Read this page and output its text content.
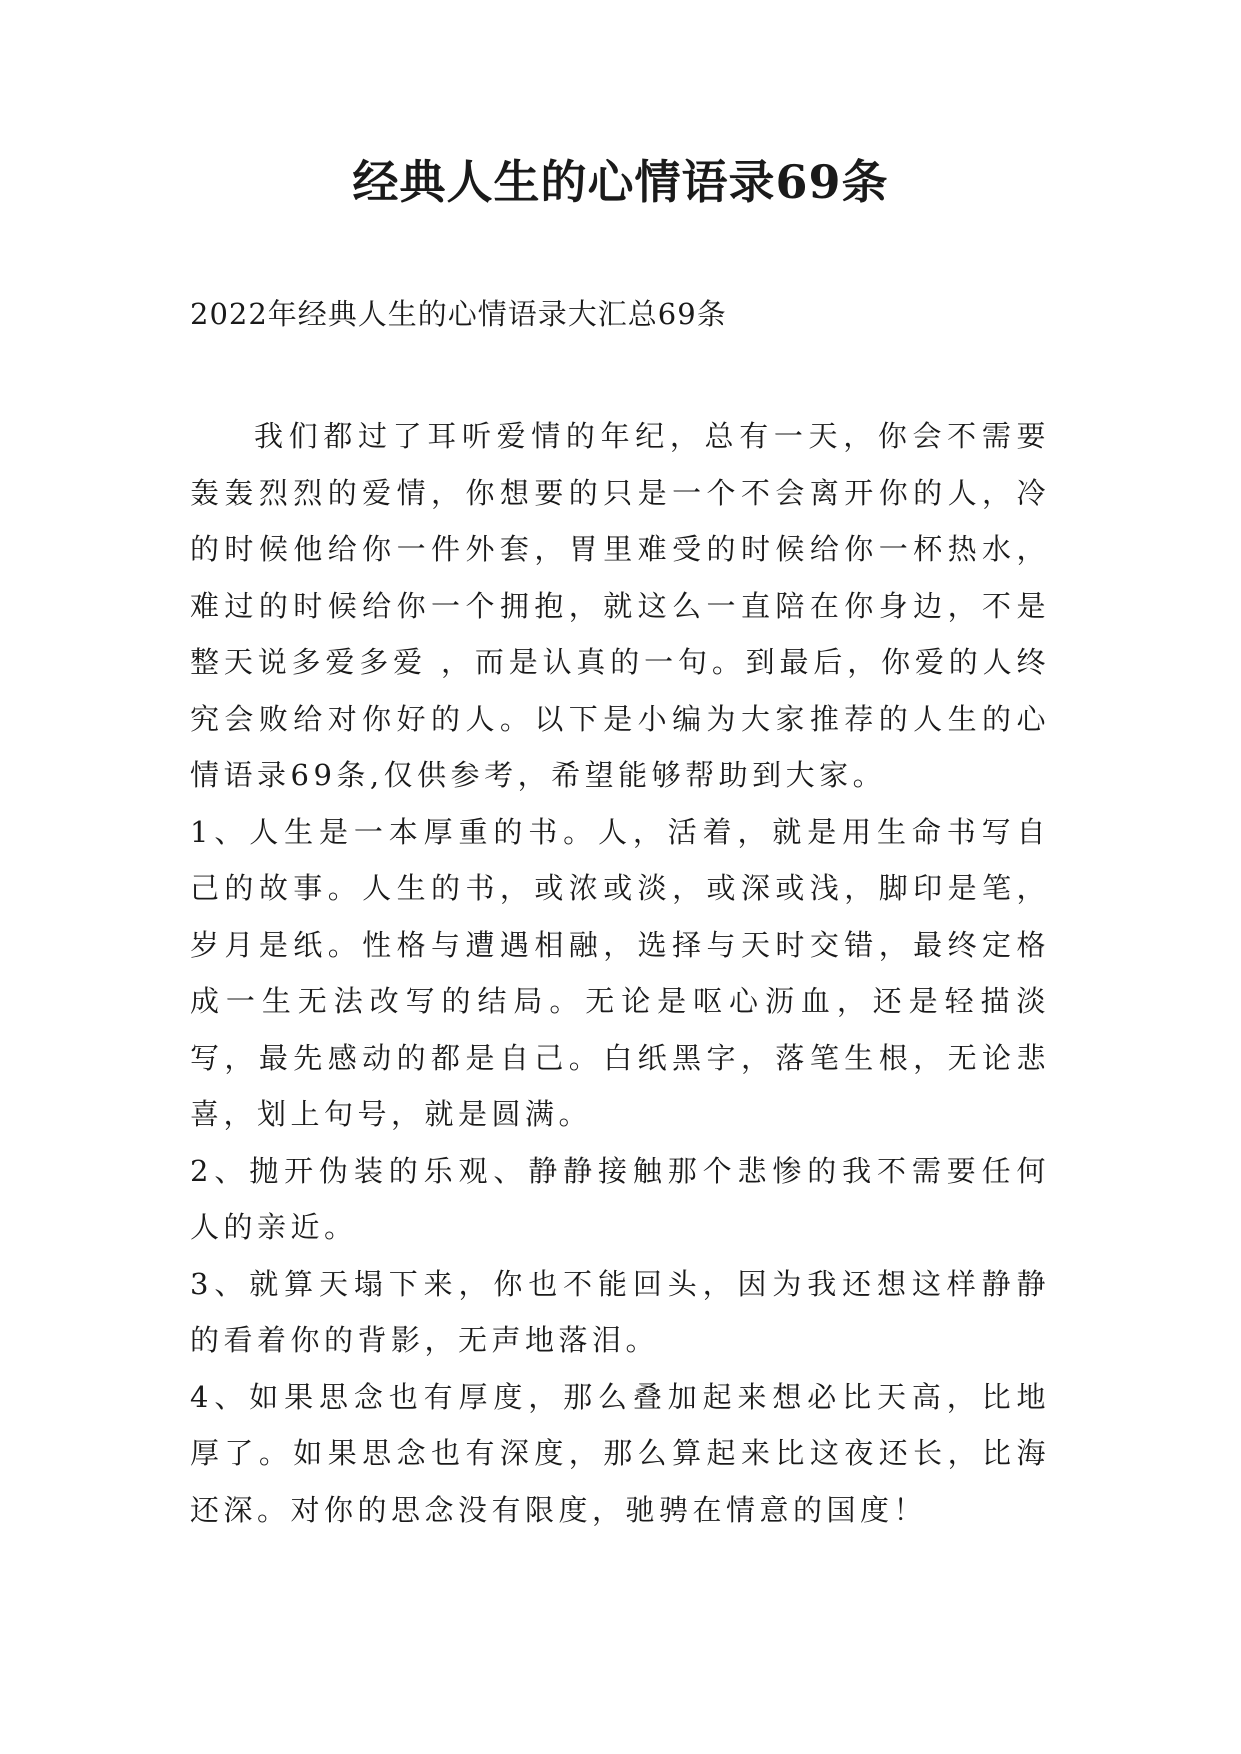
经典人生的心情语录69条

2022年经典人生的心情语录大汇总69条

我们都过了耳听爱情的年纪，总有一天，你会不需要轰轰烈烈的爱情，你想要的只是一个不会离开你的人，冷的时候他给你一件外套，胃里难受的时候给你一杯热水，难过的时候给你一个拥抱，就这么一直陪在你身边，不是整天说多爱多爱 ，而是认真的一句。到最后，你爱的人终究会败给对你好的人。以下是小编为大家推荐的人生的心情语录69条,仅供参考，希望能够帮助到大家。

1、人生是一本厚重的书。人，活着，就是用生命书写自己的故事。人生的书，或浓或淡，或深或浅，脚印是笔，岁月是纸。性格与遭遇相融，选择与天时交错，最终定格成一生无法改写的结局。无论是呕心沥血，还是轻描淡写，最先感动的都是自己。白纸黑字，落笔生根，无论悲喜，划上句号，就是圆满。

2、抛开伪装的乐观、静静接触那个悲惨的我不需要任何人的亲近。

3、就算天塌下来，你也不能回头，因为我还想这样静静的看着你的背影，无声地落泪。

4、如果思念也有厚度，那么叠加起来想必比天高，比地厚了。如果思念也有深度，那么算起来比这夜还长，比海还深。对你的思念没有限度，驰骋在情意的国度！
